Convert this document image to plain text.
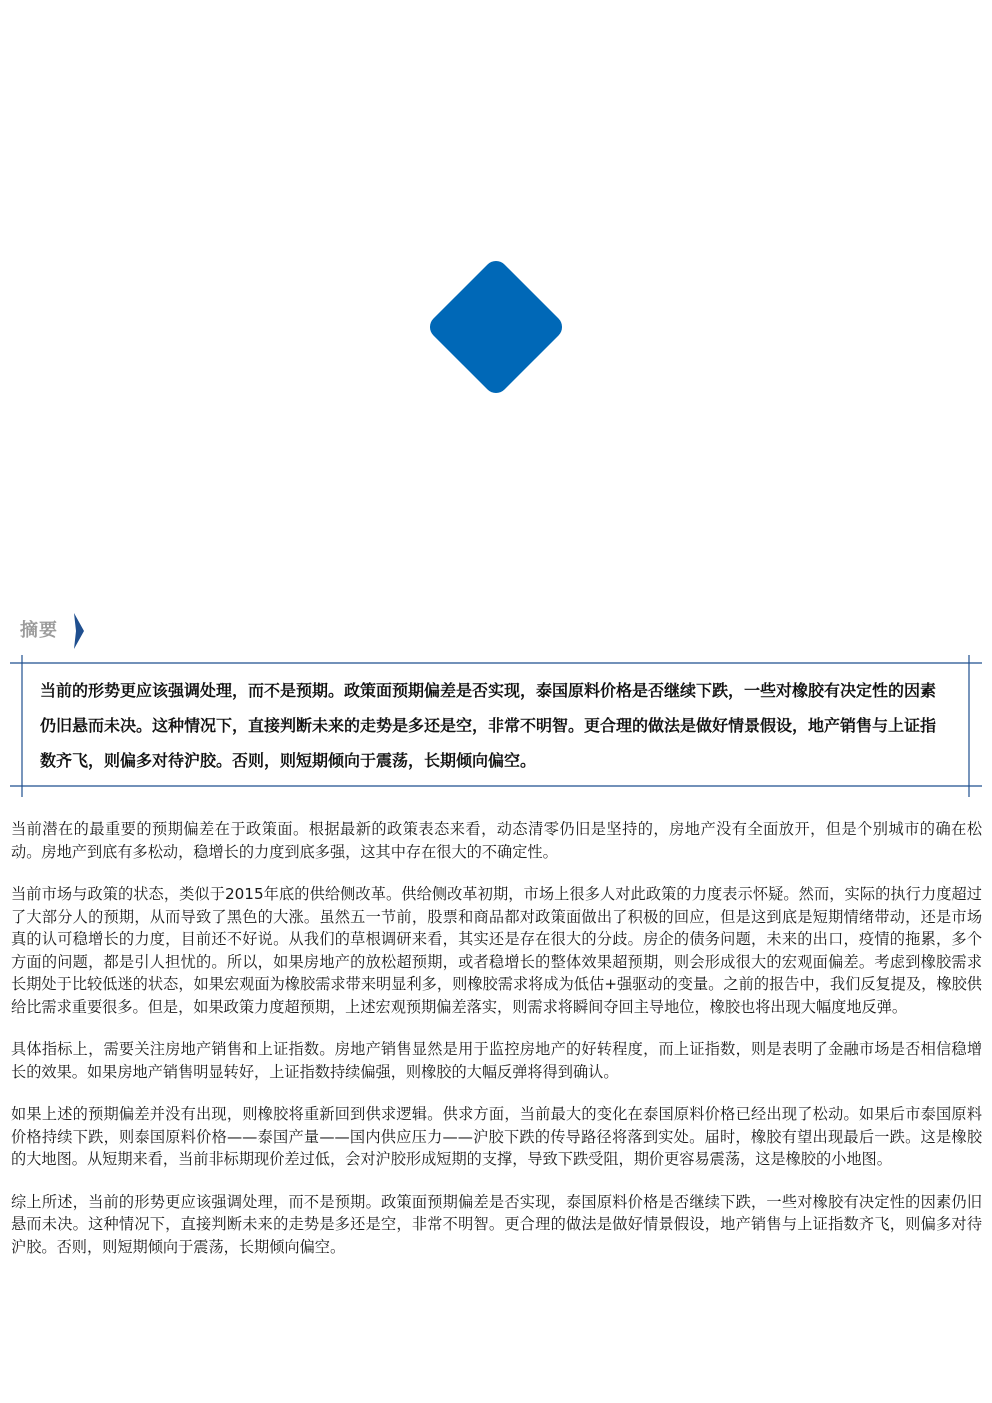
摘要
当前的形势更应该强调处理，而不是预期。政策面预期偏差是否实现，泰国原料价格是否继续下跌，一些对橡胶有决定性的因素仍旧悬而未决。这种情况下，直接判断未来的走势是多还是空，非常不明智。更合理的做法是做好情景假设，地产销售与上证指数齐飞，则偏多对待沪胶。否则，则短期倾向于震荡，长期倾向偏空。

当前潜在的最重要的预期偏差在于政策面。根据最新的政策表态来看，动态清零仍旧是坚持的，房地产没有全面放开，但是个别城市的确在松动。房地产到底有多松动，稳增长的力度到底多强，这其中存在很大的不确定性。

当前市场与政策的状态，类似于2015年底的供给侧改革。供给侧改革初期，市场上很多人对此政策的力度表示怀疑。然而，实际的执行力度超过了大部分人的预期，从而导致了黑色的大涨。虽然五一节前，股票和商品都对政策面做出了积极的回应，但是这到底是短期情绪带动，还是市场真的认可稳增长的力度，目前还不好说。从我们的草根调研来看，其实还是存在很大的分歧。房企的债务问题，未来的出口，疫情的拖累，多个方面的问题，都是引人担忧的。所以，如果房地产的放松超预期，或者稳增长的整体效果超预期，则会形成很大的宏观面偏差。考虑到橡胶需求长期处于比较低迷的状态，如果宏观面为橡胶需求带来明显利多，则橡胶需求将成为低估+强驱动的变量。之前的报告中，我们反复提及，橡胶供给比需求重要很多。但是，如果政策力度超预期，上述宏观预期偏差落实，则需求将瞬间夺回主导地位，橡胶也将出现大幅度地反弹。

具体指标上，需要关注房地产销售和上证指数。房地产销售显然是用于监控房地产的好转程度，而上证指数，则是表明了金融市场是否相信稳增长的效果。如果房地产销售明显转好，上证指数持续偏强，则橡胶的大幅反弹将得到确认。

如果上述的预期偏差并没有出现，则橡胶将重新回到供求逻辑。供求方面，当前最大的变化在泰国原料价格已经出现了松动。如果后市泰国原料价格持续下跌，则泰国原料价格——泰国产量——国内供应压力——沪胶下跌的传导路径将落到实处。届时，橡胶有望出现最后一跌。这是橡胶的大地图。从短期来看，当前非标期现价差过低，会对沪胶形成短期的支撑，导致下跌受阻，期价更容易震荡，这是橡胶的小地图。

综上所述，当前的形势更应该强调处理，而不是预期。政策面预期偏差是否实现，泰国原料价格是否继续下跌，一些对橡胶有决定性的因素仍旧悬而未决。这种情况下，直接判断未来的走势是多还是空，非常不明智。更合理的做法是做好情景假设，地产销售与上证指数齐飞，则偏多对待沪胶。否则，则短期倾向于震荡，长期倾向偏空。
